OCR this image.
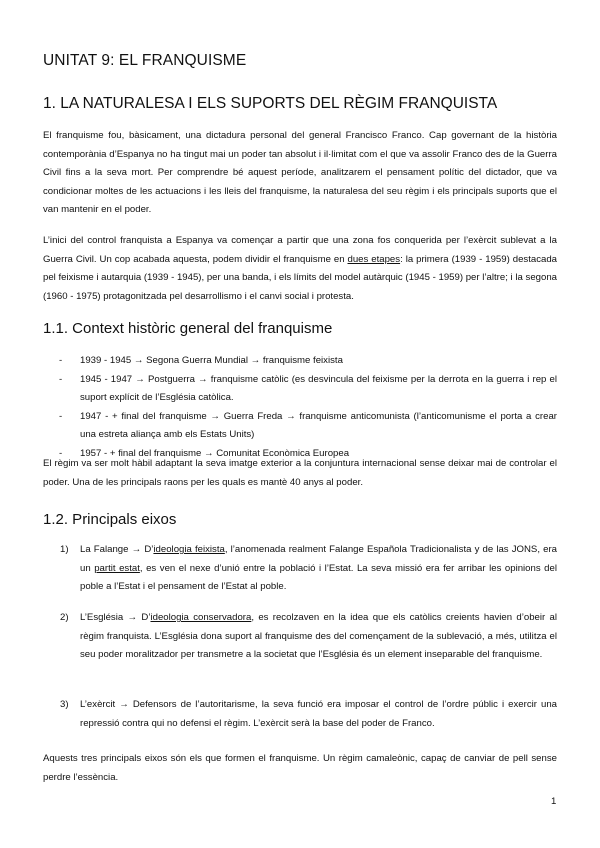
UNITAT 9: EL FRANQUISME
1. LA NATURALESA I ELS SUPORTS DEL RÈGIM FRANQUISTA

El franquisme fou, bàsicament, una dictadura personal del general Francisco Franco. Cap governant de la història contemporània d’Espanya no ha tingut mai un poder tan absolut i il·limitat com el que va assolir Franco des de la Guerra Civil fins a la seva mort. Per comprendre bé aquest període, analitzarem el pensament polític del dictador, que va condicionar moltes de les actuacions i les lleis del franquisme, la naturalesa del seu règim i els principals suports que el van mantenir en el poder.

L’inici del control franquista a Espanya va començar a partir que una zona fos conquerida per l’exèrcit sublevat a la Guerra Civil. Un cop acabada aquesta, podem dividir el franquisme en dues etapes: la primera (1939 - 1959) destacada pel feixisme i autarquia (1939 - 1945), per una banda, i els límits del model autàrquic (1945 - 1959) per l’altre; i la segona (1960 - 1975) protagonitzada pel desarrollismo i el canvi social i protesta.

1.1. Context històric general del franquisme
- 1939 - 1945 → Segona Guerra Mundial → franquisme feixista
- 1945 - 1947 → Postguerra → franquisme catòlic (es desvincula del feixisme per la derrota en la guerra i rep el suport explícit de l’Església catòlica.
- 1947 - + final del franquisme → Guerra Freda → franquisme anticomunista (l’anticomunisme el porta a crear una estreta aliança amb els Estats Units)
- 1957 - + final del franquisme → Comunitat Econòmica Europea

El règim va ser molt hàbil adaptant la seva imatge exterior a la conjuntura internacional sense deixar mai de controlar el poder. Una de les principals raons per les quals es mantè 40 anys al poder.

1.2. Principals eixos

1) La Falange → D’ideologia feixista, l’anomenada realment Falange Española Tradicionalista y de las JONS, era un partit estat, es ven el nexe d’unió entre la població i l’Estat. La seva missió era fer arribar les opinions del poble a l’Estat i el pensament de l’Estat al poble.

2) L’Església → D’ideologia conservadora, es recolzaven en la idea que els catòlics creients havien d’obeir al règim franquista. L’Església dona suport al franquisme des del començament de la sublevació, a més, utilitza el seu poder moralitzador per transmetre a la societat que l’Església és un element inseparable del franquisme.

3) L’exèrcit → Defensors de l’autoritarisme, la seva funció era imposar el control de l’ordre públic i exercir una repressió contra qui no defensi el règim. L’exèrcit serà la base del poder de Franco.

Aquests tres principals eixos són els que formen el franquisme. Un règim camaleònic, capaç de canviar de pell sense perdre l’essència.

1
